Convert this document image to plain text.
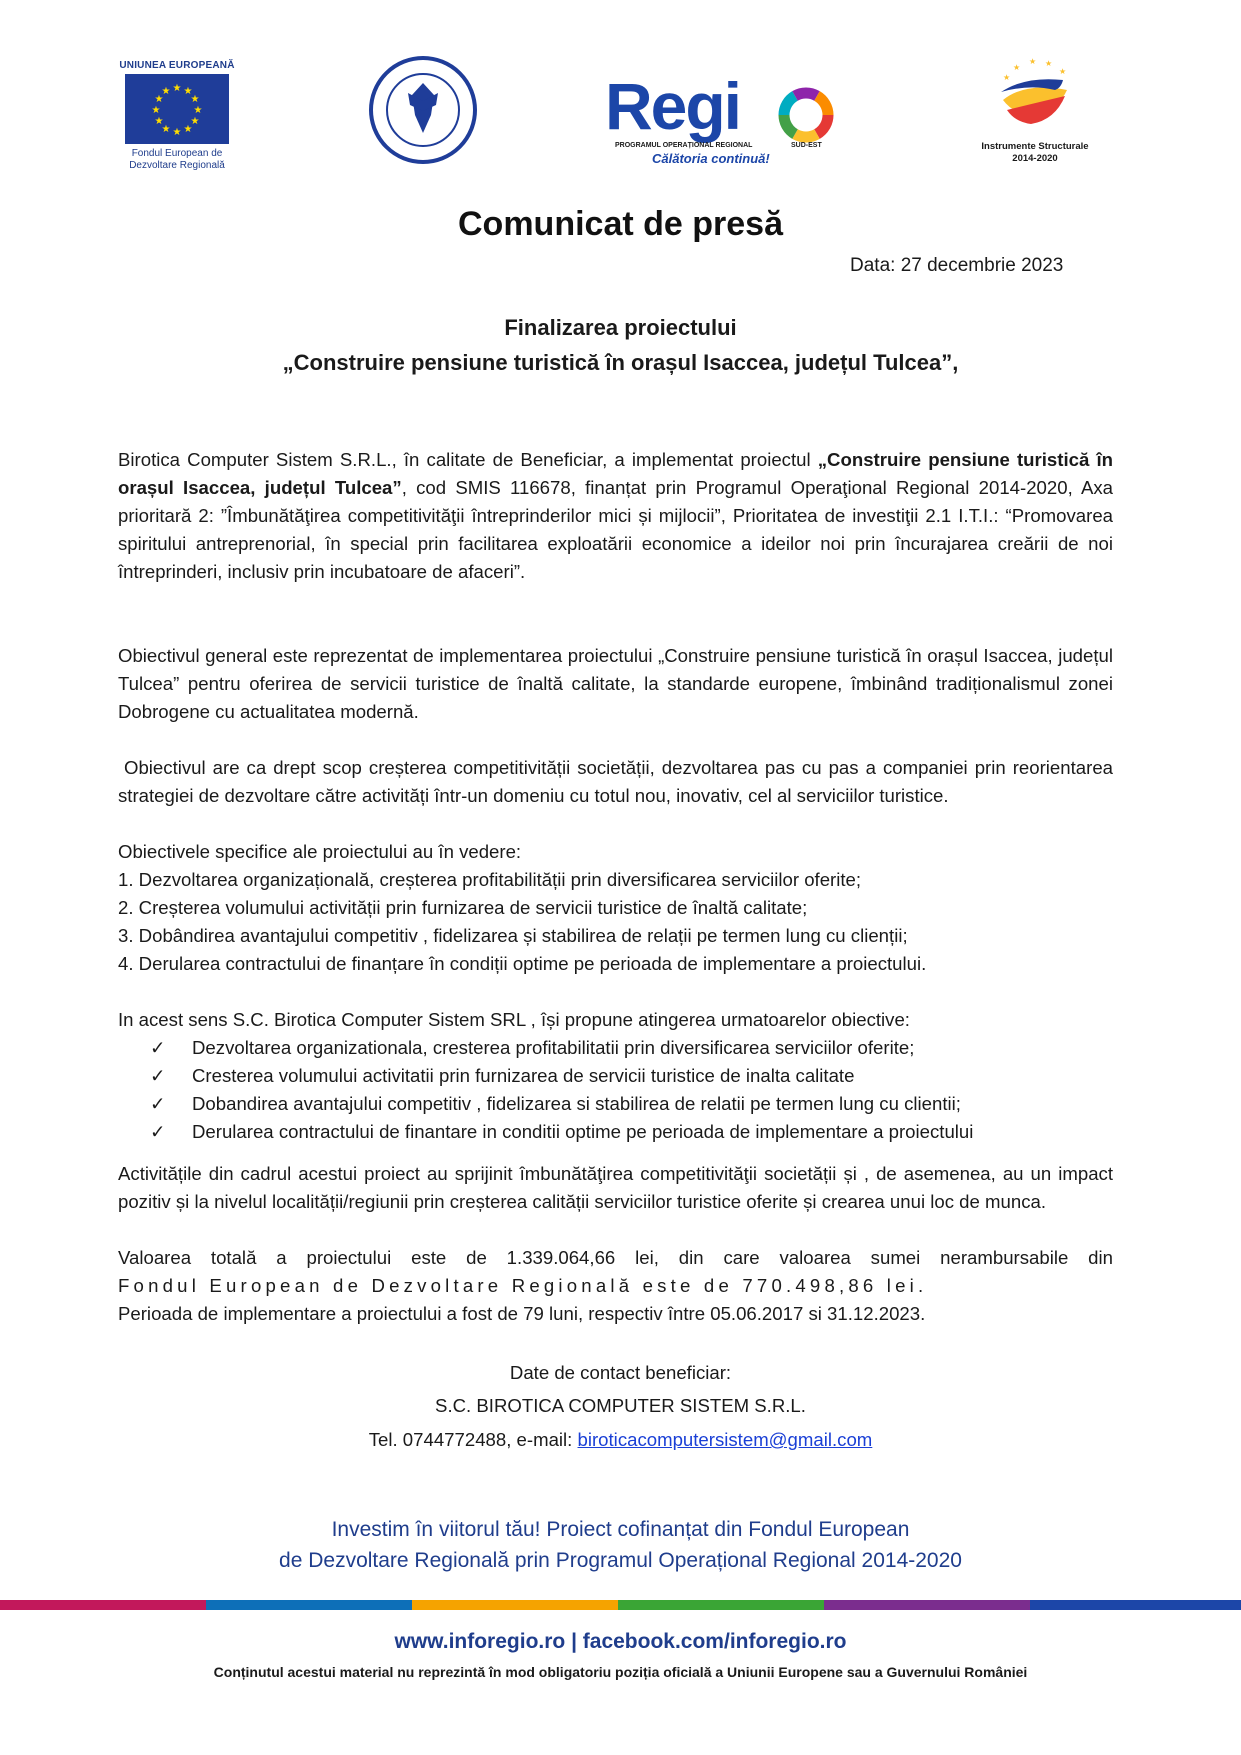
UNIUNEA EUROPEANĂ
★ ★
★
★
★
★
★
★
★
★
★
★
Fondul European de
Dezvoltare Regională
Regi
PROGRAMUL OPERAȚIONAL REGIONAL	SUD-EST
Călătoria continuă!
★
★ ★
★
★
Instrumente Structurale
2014-2020
Comunicat de presă
Data: 27 decembrie 2023
Finalizarea proiectului
„Construire pensiune turistică în orașul Isaccea, județul Tulcea”,
Birotica Computer Sistem S.R.L., în calitate de Beneficiar, a implementat proiectul „Construire pensiune turistică în orașul Isaccea, județul Tulcea”, cod SMIS 116678, finanțat prin Programul Operaţional Regional 2014-2020, Axa prioritară 2: ”Îmbunătăţirea competitivităţii întreprinderilor mici și mijlocii”, Prioritatea de investiţii 2.1 I.T.I.: “Promovarea spiritului antreprenorial, în special prin facilitarea exploatării economice a ideilor noi prin încurajarea creării de noi întreprinderi, inclusiv prin incubatoare de afaceri”.
Obiectivul general este reprezentat de implementarea proiectului „Construire pensiune turistică în orașul Isaccea, județul Tulcea” pentru oferirea de servicii turistice de înaltă calitate, la standarde europene, îmbinând tradiționalismul zonei Dobrogene cu actualitatea modernă.
Obiectivul are ca drept scop creșterea competitivității societății, dezvoltarea pas cu pas a companiei prin reorientarea strategiei de dezvoltare către activități într-un domeniu cu totul nou, inovativ, cel al serviciilor turistice.
Obiectivele specifice ale proiectului au în vedere:
1. Dezvoltarea organizațională, creșterea profitabilității prin diversificarea serviciilor oferite;
2. Creșterea volumului activității prin furnizarea de servicii turistice de înaltă calitate;
3. Dobândirea avantajului competitiv , fidelizarea și stabilirea de relații pe termen lung cu clienții;
4. Derularea contractului de finanțare în condiții optime pe perioada de implementare a proiectului.
In acest sens S.C. Birotica Computer Sistem SRL , își propune atingerea urmatoarelor obiective:
✓ Dezvoltarea organizationala, cresterea profitabilitatii prin diversificarea serviciilor oferite;
✓ Cresterea volumului activitatii prin furnizarea de servicii turistice de inalta calitate
✓ Dobandirea avantajului competitiv , fidelizarea si stabilirea de relatii pe termen lung cu clientii;
✓ Derularea contractului de finantare in conditii optime pe perioada de implementare a proiectului
Activitățile din cadrul acestui proiect au sprijinit îmbunătăţirea competitivităţii societății și , de asemenea, au un impact pozitiv și la nivelul localității/regiunii prin creșterea calității serviciilor turistice oferite și crearea unui loc de munca.
Valoarea totală a proiectului este de 1.339.064,66 lei, din care valoarea sumei nerambursabile din
Fondul European de Dezvoltare Regională este de 770.498,86 lei.
Perioada de implementare a proiectului a fost de 79 luni, respectiv între 05.06.2017 si 31.12.2023.
Date de contact beneficiar:
S.C. BIROTICA COMPUTER SISTEM S.R.L.
Tel. 0744772488, e-mail: biroticacomputersistem@gmail.com
Investim în viitorul tău! Proiect cofinanțat din Fondul European
de Dezvoltare Regională prin Programul Operațional Regional 2014-2020
www.inforegio.ro | facebook.com/inforegio.ro
Conținutul acestui material nu reprezintă în mod obligatoriu poziția oficială a Uniunii Europene sau a Guvernului României
